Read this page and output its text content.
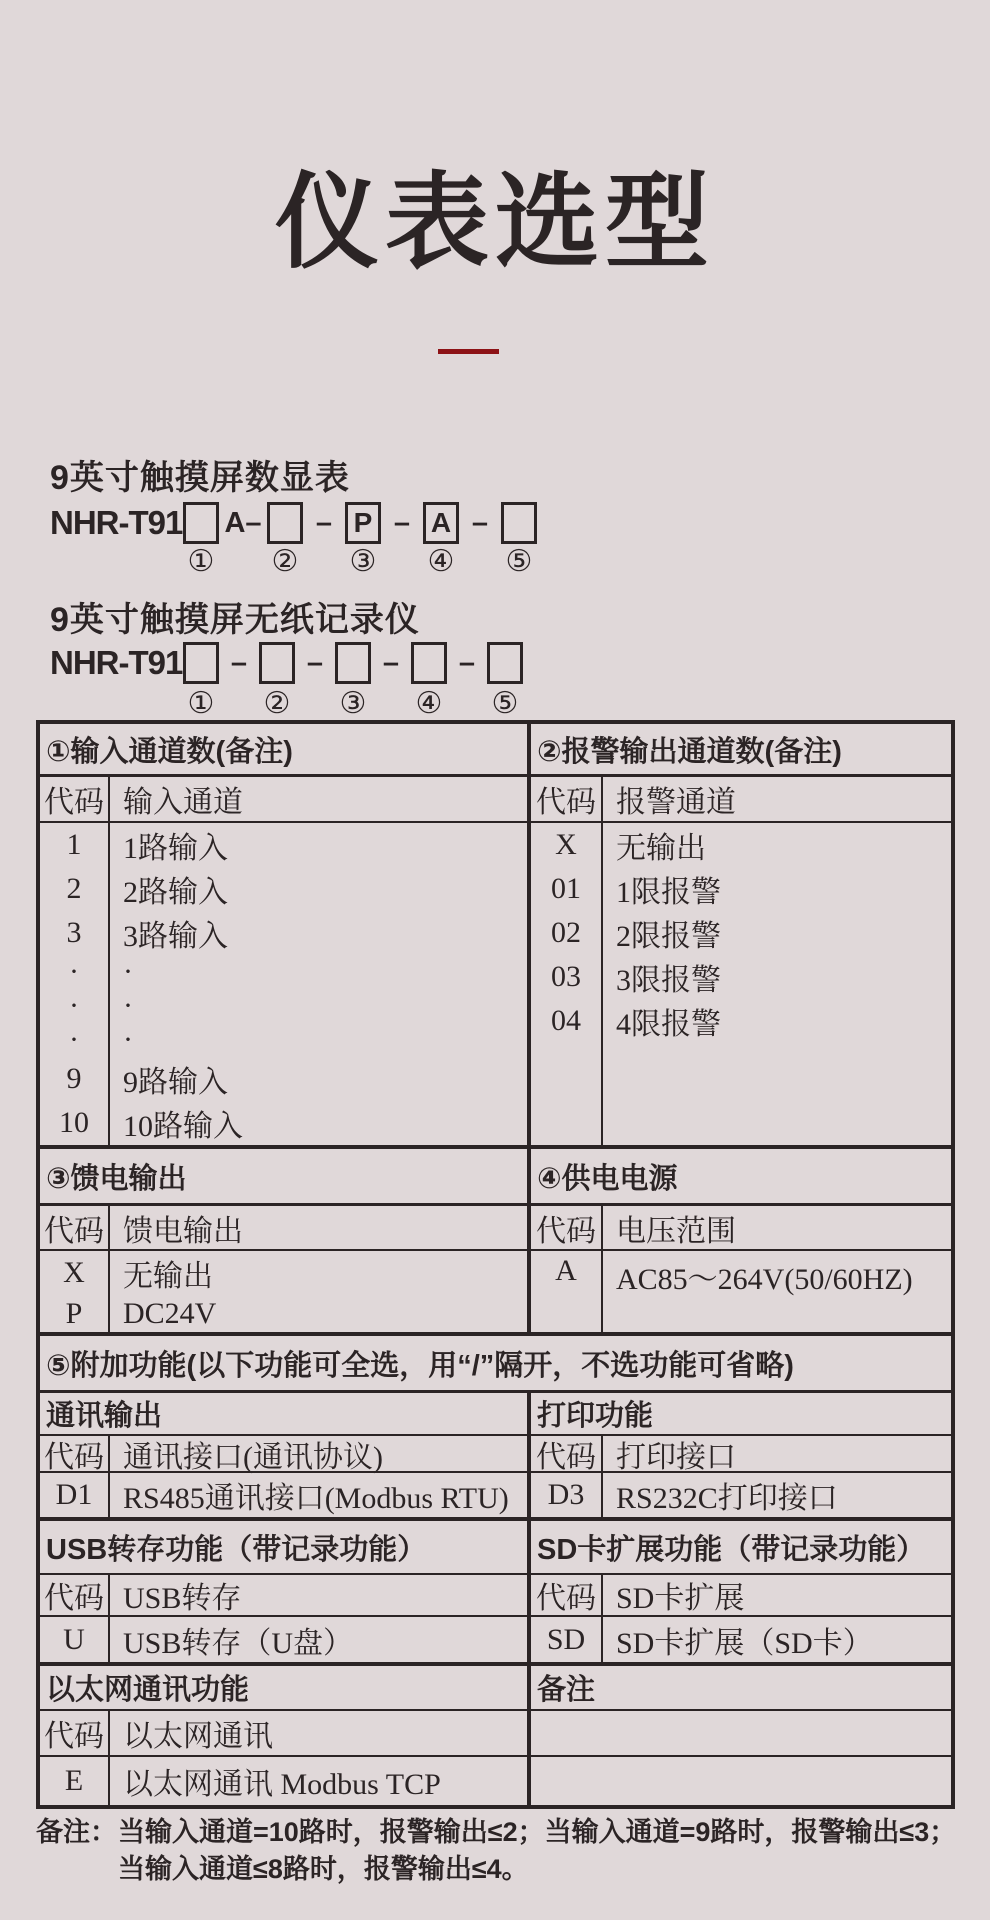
仪表选型
9英寸触摸屏数显表
NHR-T91 A–	– P – A –
① ② ③ ④ ⑤
9英寸触摸屏无纸记录仪
NHR-T91	–	–	–	–
① ② ③ ④ ⑤
①输入通道数(备注)
代码 输入通道
1	1路输入
2	2路输入
3	3路输入
·	·
·	·
·	·
9	9路输入
10	10路输入
②报警输出通道数(备注)
代码 报警通道
X	无输出
01	1限报警
02	2限报警
03	3限报警
04	4限报警
③馈电输出
代码 馈电输出
X	无输出
P	DC24V
④供电电源
代码 电压范围
A	AC85～264V(50/60HZ)
⑤附加功能(以下功能可全选，用“/”隔开，不选功能可省略)
通讯输出
代码 通讯接口(通讯协议)
D1	RS485通讯接口(Modbus RTU)
打印功能
代码 打印接口
D3	RS232C打印接口
USB转存功能（带记录功能）
代码 USB转存
U	USB转存（U盘）
SD卡扩展功能（带记录功能）
代码 SD卡扩展
SD	SD卡扩展（SD卡）
以太网通讯功能
代码 以太网通讯
E	以太网通讯 Modbus TCP
备注
备注： 当输入通道=10路时，报警输出≤2；当输入通道=9路时，报警输出≤3；
当输入通道≤8路时，报警输出≤4。
